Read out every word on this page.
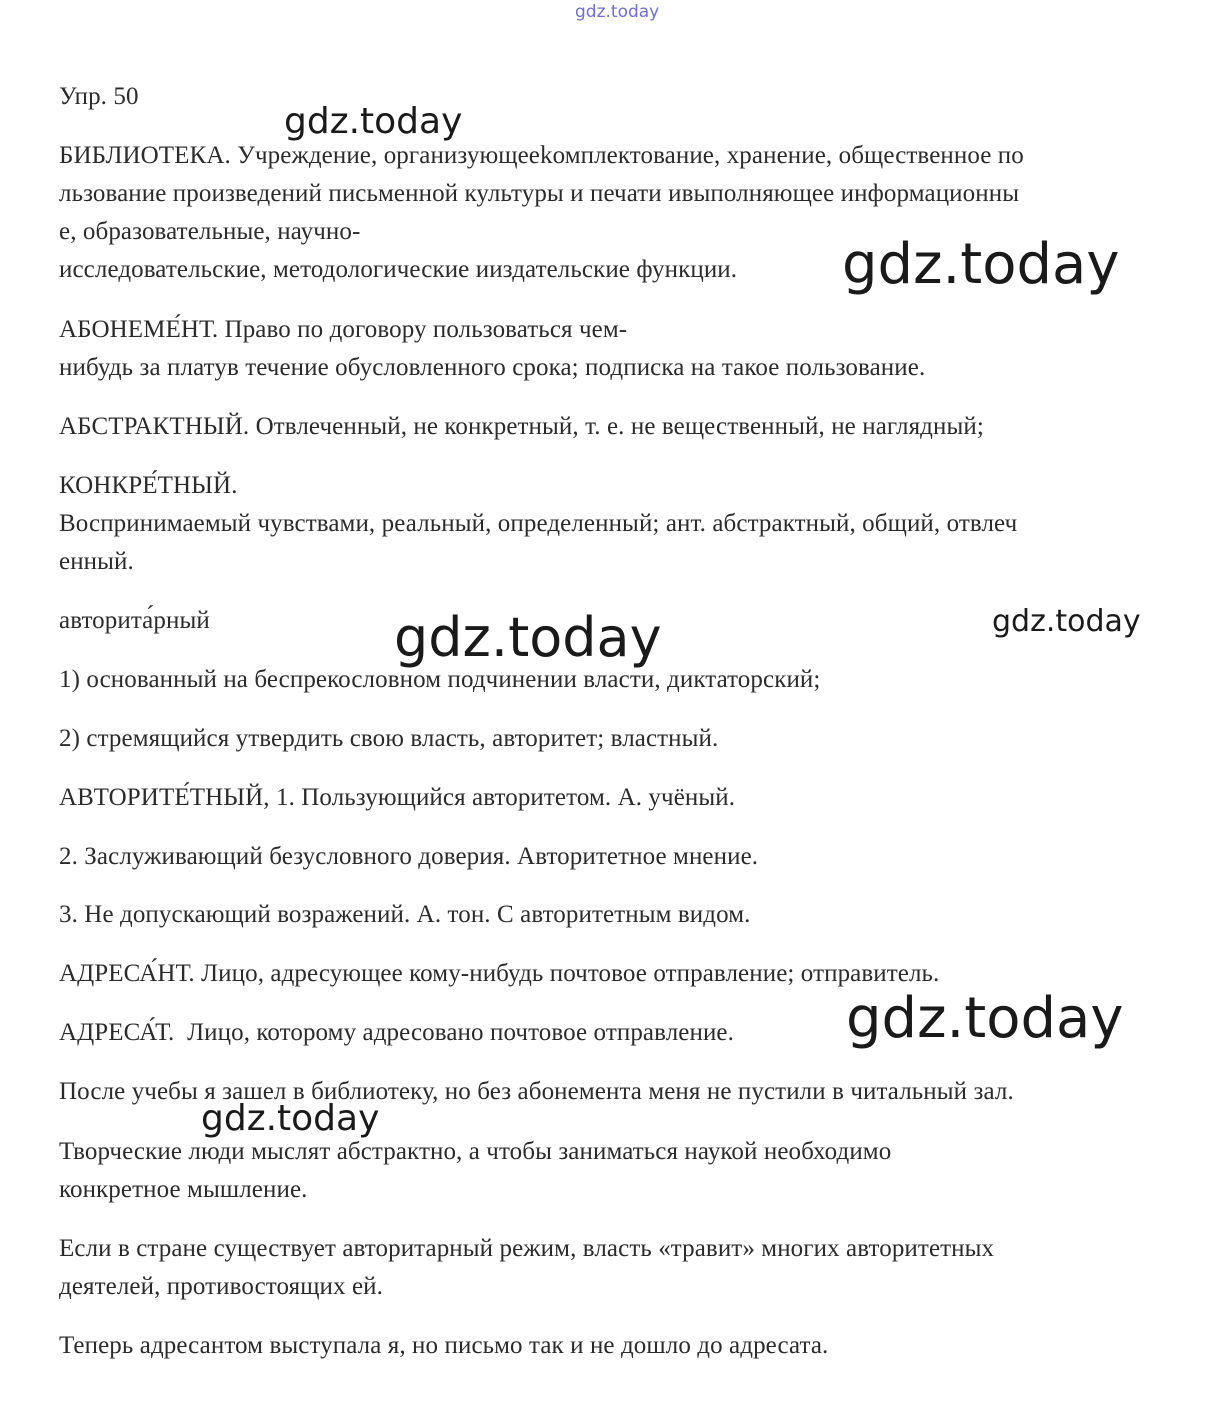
gdz.today
Упр. 50
БИБЛИОТЕКА. Учреждение, организующееkомплектование, хранение, общественное по
льзование произведений письменной культуры и печати ивыполняющее информационны
е, образовательные, научно-
исследовательские, методологические ииздательские функции.
АБОНЕМЕ́НТ. Право по договору пользоваться чем-
нибудь за платув течение обусловленного срока; подписка на такое пользование.
АБСТРАКТНЫЙ. Отвлеченный, не конкретный, т. е. не вещественный, не наглядный;
КОНКРЕ́ТНЫЙ.
Воспринимаемый чувствами, реальный, определенный; ант. абстрактный, общий, отвлеч
енный.
авторита́рный
1) основанный на беспрекословном подчинении власти, диктаторский;
2) стремящийся утвердить свою власть, авторитет; властный.
АВТОРИТЕ́ТНЫЙ, 1. Пользующийся авторитетом. А. учёный.
2. Заслуживающий безусловного доверия. Авторитетное мнение.
3. Не допускающий возражений. А. тон. С авторитетным видом.
АДРЕСА́НТ. Лицо, адресующее кому-нибудь почтовое отправление; отправитель.
АДРЕСА́Т.  Лицо, которому адресовано почтовое отправление.
После учебы я зашел в библиотеку, но без абонемента меня не пустили в читальный зал.
Творческие люди мыслят абстрактно, а чтобы заниматься наукой необходимо
конкретное мышление.
Если в стране существует авторитарный режим, власть «травит» многих авторитетных
деятелей, противостоящих ей.
Теперь адресантом выступала я, но письмо так и не дошло до адресата.
gdz.today
gdz.today
gdz.today	gdz.today
gdz.today
gdz.today
